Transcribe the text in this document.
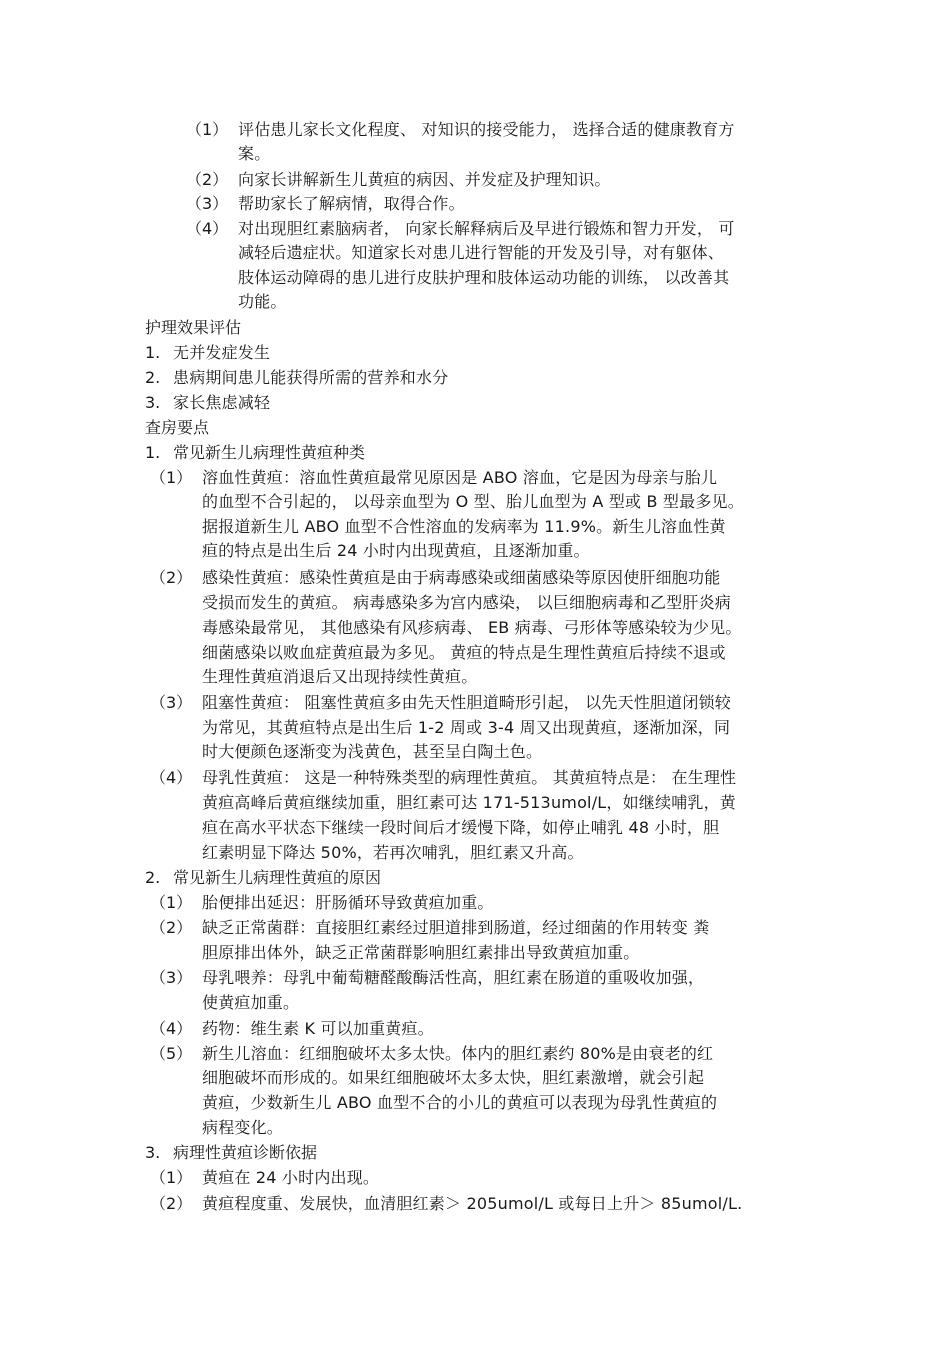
（1） 评估患儿家长文化程度、 对知识的接受能力， 选择合适的健康教育方
案。
（2） 向家长讲解新生儿黄疸的病因、并发症及护理知识。
（3） 帮助家长了解病情，取得合作。
（4） 对出现胆红素脑病者， 向家长解释病后及早进行锻炼和智力开发， 可
减轻后遗症状。知道家长对患儿进行智能的开发及引导，对有躯体、
肢体运动障碍的患儿进行皮肤护理和肢体运动功能的训练， 以改善其
功能。
护理效果评估
1. 无并发症发生
2. 患病期间患儿能获得所需的营养和水分
3. 家长焦虑减轻
查房要点
1. 常见新生儿病理性黄疸种类
（1） 溶血性黄疸：溶血性黄疸最常见原因是 ABO 溶血，它是因为母亲与胎儿
的血型不合引起的， 以母亲血型为 O 型、胎儿血型为 A 型或 B 型最多见。
据报道新生儿 ABO 血型不合性溶血的发病率为 11.9%。新生儿溶血性黄
疸的特点是出生后 24 小时内出现黄疸，且逐渐加重。
（2） 感染性黄疸：感染性黄疸是由于病毒感染或细菌感染等原因使肝细胞功能
受损而发生的黄疸。 病毒感染多为宫内感染， 以巨细胞病毒和乙型肝炎病
毒感染最常见， 其他感染有风疹病毒、 EB 病毒、弓形体等感染较为少见。
细菌感染以败血症黄疸最为多见。 黄疸的特点是生理性黄疸后持续不退或
生理性黄疸消退后又出现持续性黄疸。
（3） 阻塞性黄疸： 阻塞性黄疸多由先天性胆道畸形引起， 以先天性胆道闭锁较
为常见，其黄疸特点是出生后 1-2 周或 3-4 周又出现黄疸，逐渐加深，同
时大便颜色逐渐变为浅黄色，甚至呈白陶土色。
（4） 母乳性黄疸： 这是一种特殊类型的病理性黄疸。 其黄疸特点是： 在生理性
黄疸高峰后黄疸继续加重，胆红素可达 171-513umol/L，如继续哺乳，黄
疸在高水平状态下继续一段时间后才缓慢下降，如停止哺乳 48 小时，胆
红素明显下降达 50%，若再次哺乳，胆红素又升高。
2. 常见新生儿病理性黄疸的原因
（1） 胎便排出延迟：肝肠循环导致黄疸加重。
（2） 缺乏正常菌群：直接胆红素经过胆道排到肠道，经过细菌的作用转变 粪
胆原排出体外，缺乏正常菌群影响胆红素排出导致黄疸加重。
（3） 母乳喂养：母乳中葡萄糖醛酸酶活性高，胆红素在肠道的重吸收加强，
使黄疸加重。
（4） 药物：维生素 K 可以加重黄疸。
（5） 新生儿溶血：红细胞破坏太多太快。体内的胆红素约 80%是由衰老的红
细胞破坏而形成的。如果红细胞破坏太多太快，胆红素激增，就会引起
黄疸，少数新生儿 ABO 血型不合的小儿的黄疸可以表现为母乳性黄疸的
病程变化。
3. 病理性黄疸诊断依据
（1） 黄疸在 24 小时内出现。
（2） 黄疸程度重、发展快，血清胆红素＞ 205umol/L 或每日上升＞ 85umol/L.
